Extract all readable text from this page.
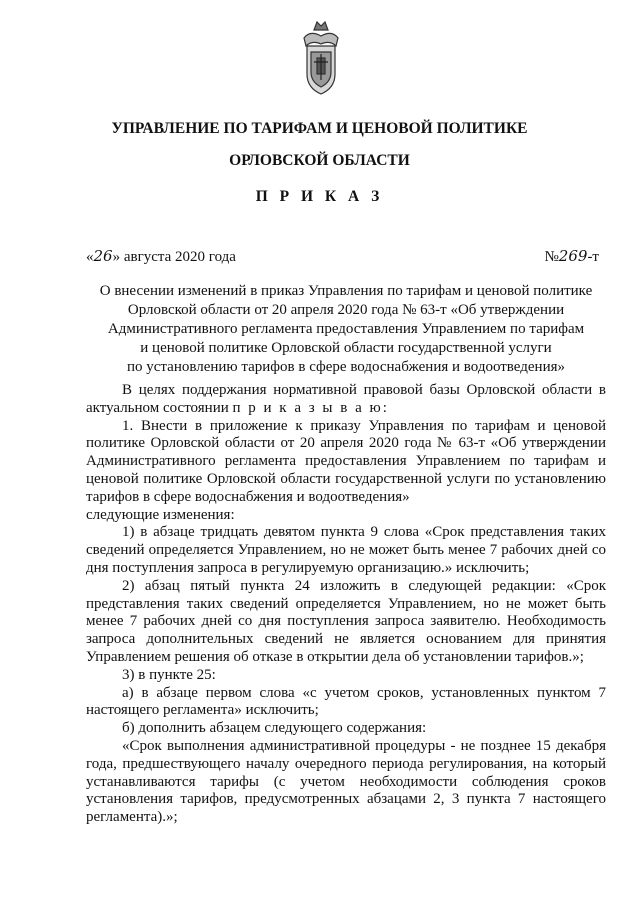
УПРАВЛЕНИЕ ПО ТАРИФАМ И ЦЕНОВОЙ ПОЛИТИКЕ
ОРЛОВСКОЙ ОБЛАСТИ
П Р И К А З
«26» августа 2020 года	№269-т
О внесении изменений в приказ Управления по тарифам и ценовой политике
Орловской области от 20 апреля 2020 года № 63-т «Об утверждении
Административного регламента предоставления Управлением по тарифам
и ценовой политике Орловской области государственной услуги
по установлению тарифов в сфере водоснабжения и водоотведения»

В целях поддержания нормативной правовой базы Орловской области в актуальном состоянии п р и к а з ы в а ю:

1. Внести в приложение к приказу Управления по тарифам и ценовой политике Орловской области от 20 апреля 2020 года № 63-т «Об утверждении Административного регламента предоставления Управлением по тарифам и ценовой политике Орловской области государственной услуги по установлению тарифов в сфере водоснабжения и водоотведения»

следующие изменения:

1) в абзаце тридцать девятом пункта 9 слова «Срок представления таких сведений определяется Управлением, но не может быть менее 7 рабочих дней со дня поступления запроса в регулируемую организацию.» исключить;

2) абзац пятый пункта 24 изложить в следующей редакции: «Срок представления таких сведений определяется Управлением, но не может быть менее 7 рабочих дней со дня поступления запроса заявителю. Необходимость запроса дополнительных сведений не является основанием для принятия Управлением решения об отказе в открытии дела об установлении тарифов.»;

3) в пункте 25:

а) в абзаце первом слова «с учетом сроков, установленных пунктом 7 настоящего регламента» исключить;

б) дополнить абзацем следующего содержания:

«Срок выполнения административной процедуры - не позднее 15 декабря года, предшествующего началу очередного периода регулирования, на который устанавливаются тарифы (с учетом необходимости соблюдения сроков установления тарифов, предусмотренных абзацами 2, 3 пункта 7 настоящего регламента).»;
